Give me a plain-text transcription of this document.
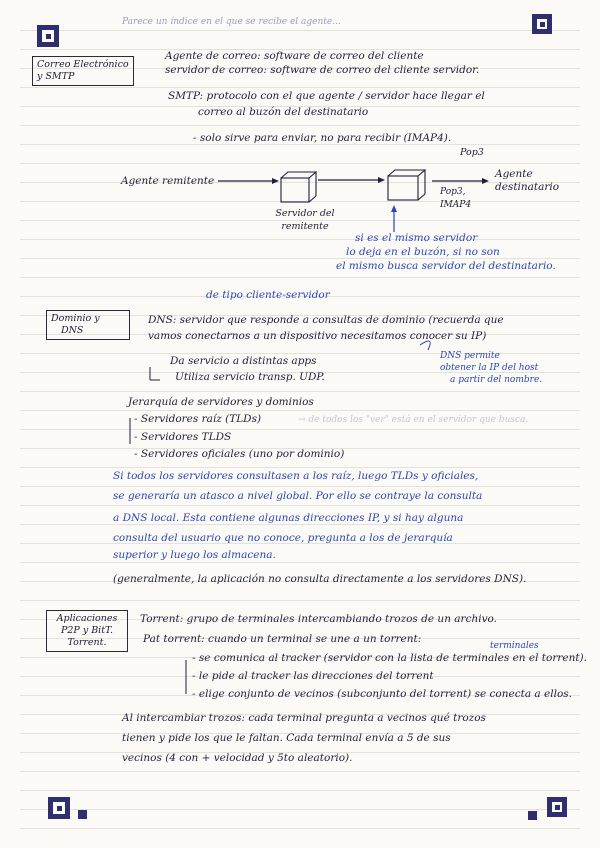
Parece un índice en el que se recibe el agente...
Correo Electrónico
y SMTP
Agente de correo: software de correo del cliente
servidor de correo: software de correo del cliente servidor.
SMTP: protocolo con el que agente / servidor hace llegar el
correo al buzón del destinatario
- solo sirve para enviar, no para recibir (IMAP4).
Pop3
Agente remitente
Servidor del remitente
Pop3, IMAP4
Agente destinatario
si es el mismo servidor
lo deja en el buzón, si no son
el mismo busca servidor del destinatario.
de tipo cliente-servidor
Dominio y
DNS
DNS: servidor que responde a consultas de dominio (recuerda que
vamos conectarnos a un dispositivo necesitamos conocer su IP)
Da servicio a distintas apps
Utiliza servicio transp. UDP.
DNS permite
obtener la IP del host
a partir del nombre.
Jerarquía de servidores y dominios
- Servidores raíz (TLDs)	→ de todos los "ver" está en el servidor que busca.
- Servidores TLDS
- Servidores oficiales (uno por dominio)
Si todos los servidores consultasen a los raíz, luego TLDs y oficiales,
se generaría un atasco a nivel global. Por ello se contraye la consulta
a DNS local. Esta contiene algunas direcciones IP, y si hay alguna
consulta del usuario que no conoce, pregunta a los de jerarquía
superior y luego los almacena.
(generalmente, la aplicación no consulta directamente a los servidores DNS).
Aplicaciones
P2P y BitT.
Torrent.
Torrent: grupo de terminales intercambiando trozos de un archivo.
Pat torrent: cuando un terminal se une a un torrent:
terminales
- se comunica al tracker (servidor con la lista de terminales en el torrent).
- le pide al tracker las direcciones del torrent
- elige conjunto de vecinos (subconjunto del torrent) se conecta a ellos.
Al intercambiar trozos: cada terminal pregunta a vecinos qué trozos
tienen y pide los que le faltan. Cada terminal envía a 5 de sus
vecinos (4 con + velocidad y 5to aleatorio).
